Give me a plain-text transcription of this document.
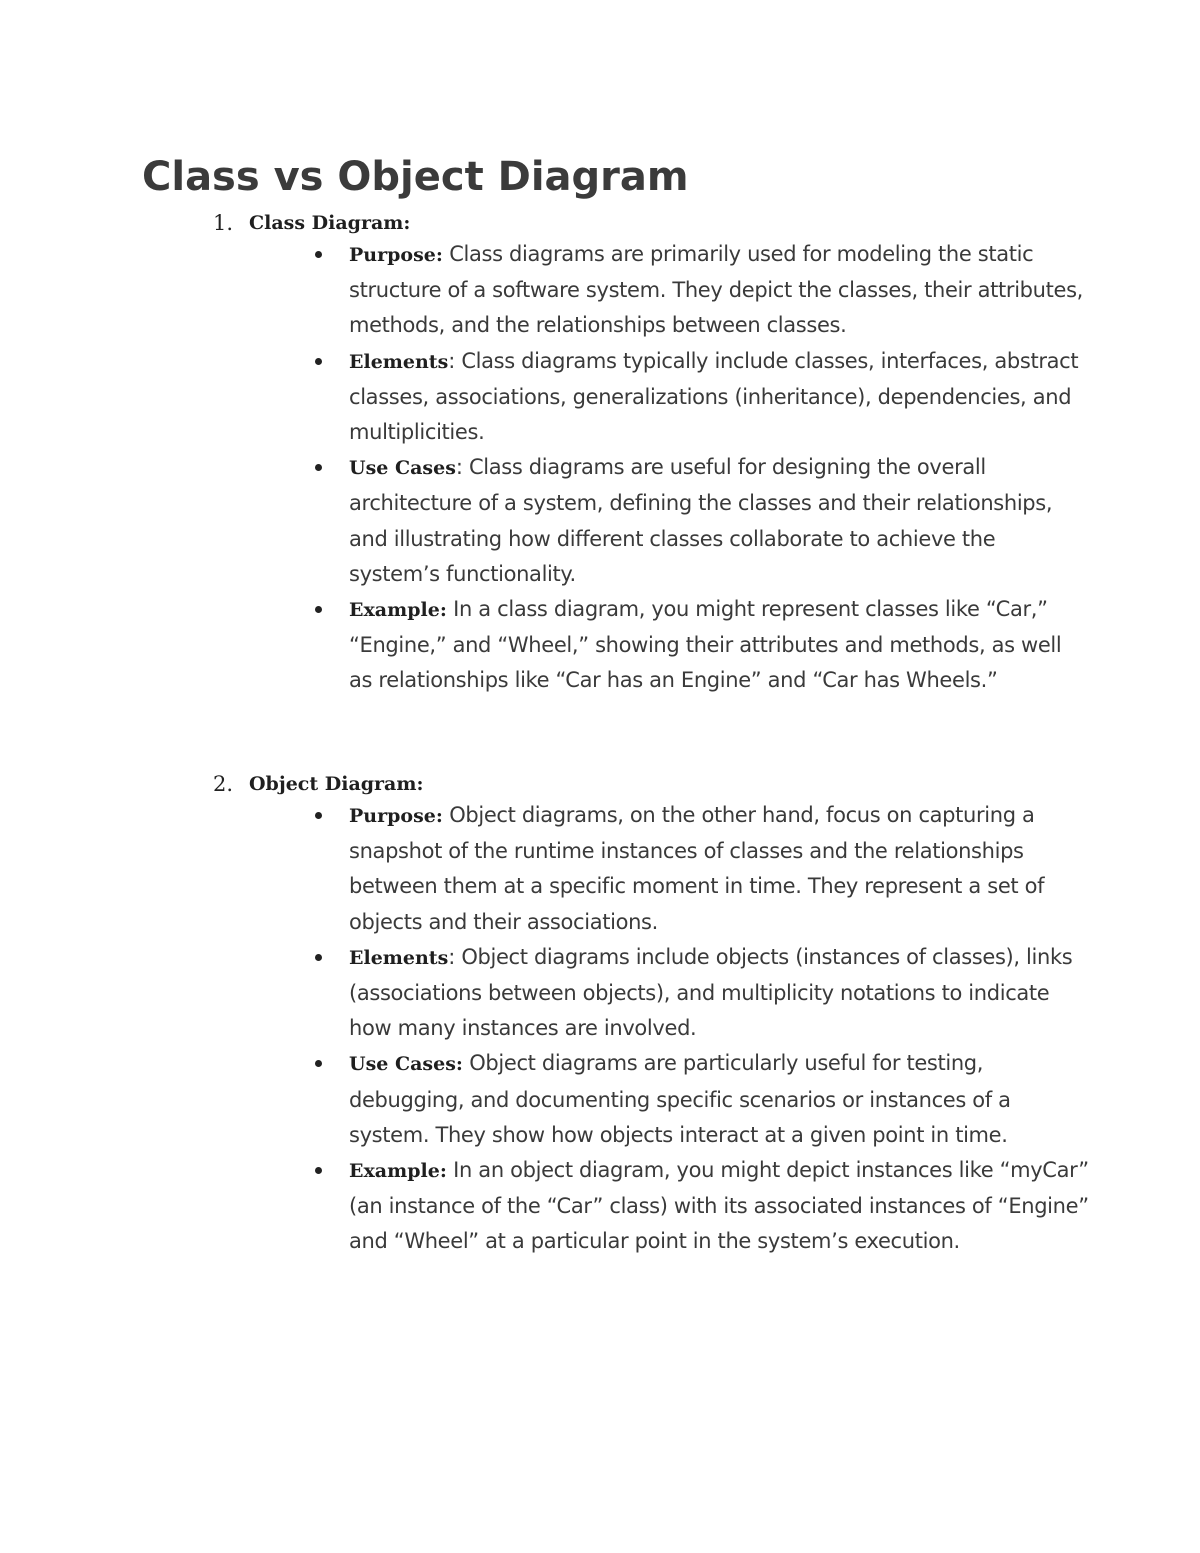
Class vs Object Diagram
1. Class Diagram:
Purpose: Class diagrams are primarily used for modeling the static structure of a software system. They depict the classes, their attributes, methods, and the relationships between classes.
Elements: Class diagrams typically include classes, interfaces, abstract classes, associations, generalizations (inheritance), dependencies, and multiplicities.
Use Cases: Class diagrams are useful for designing the overall architecture of a system, defining the classes and their relationships, and illustrating how different classes collaborate to achieve the system’s functionality.
Example: In a class diagram, you might represent classes like “Car,” “Engine,” and “Wheel,” showing their attributes and methods, as well as relationships like “Car has an Engine” and “Car has Wheels.”
2. Object Diagram:
Purpose: Object diagrams, on the other hand, focus on capturing a snapshot of the runtime instances of classes and the relationships between them at a specific moment in time. They represent a set of objects and their associations.
Elements: Object diagrams include objects (instances of classes), links (associations between objects), and multiplicity notations to indicate how many instances are involved.
Use Cases: Object diagrams are particularly useful for testing, debugging, and documenting specific scenarios or instances of a system. They show how objects interact at a given point in time.
Example: In an object diagram, you might depict instances like “myCar” (an instance of the “Car” class) with its associated instances of “Engine” and “Wheel” at a particular point in the system’s execution.
